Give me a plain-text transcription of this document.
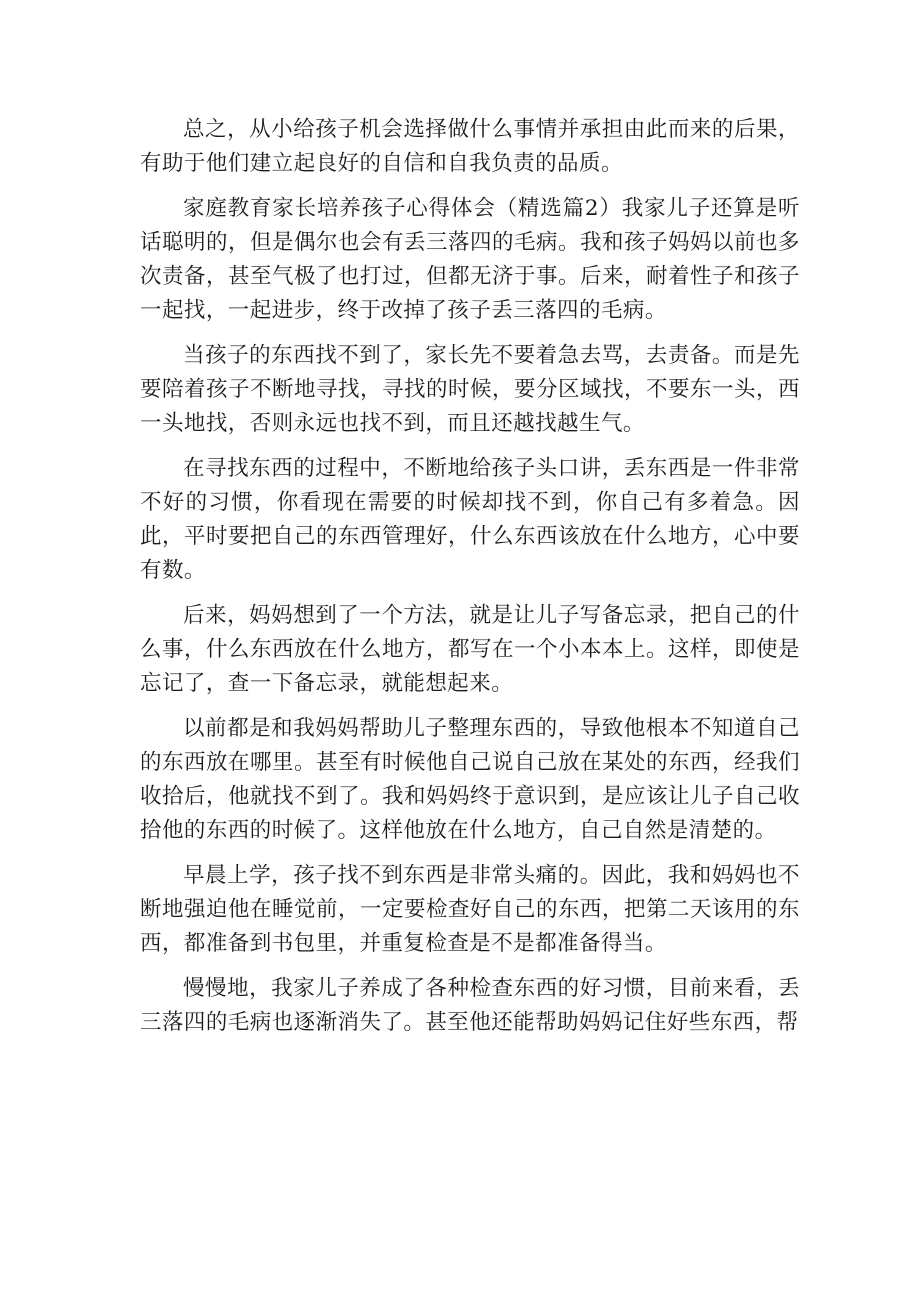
总之，从小给孩子机会选择做什么事情并承担由此而来的后果，有助于他们建立起良好的自信和自我负责的品质。

家庭教育家长培养孩子心得体会（精选篇2）我家儿子还算是听话聪明的，但是偶尔也会有丢三落四的毛病。我和孩子妈妈以前也多次责备，甚至气极了也打过，但都无济于事。后来，耐着性子和孩子一起找，一起进步，终于改掉了孩子丢三落四的毛病。

当孩子的东西找不到了，家长先不要着急去骂，去责备。而是先要陪着孩子不断地寻找，寻找的时候，要分区域找，不要东一头，西一头地找，否则永远也找不到，而且还越找越生气。

在寻找东西的过程中，不断地给孩子头口讲，丢东西是一件非常不好的习惯，你看现在需要的时候却找不到，你自己有多着急。因此，平时要把自己的东西管理好，什么东西该放在什么地方，心中要有数。

后来，妈妈想到了一个方法，就是让儿子写备忘录，把自己的什么事，什么东西放在什么地方，都写在一个小本本上。这样，即使是忘记了，查一下备忘录，就能想起来。

以前都是和我妈妈帮助儿子整理东西的，导致他根本不知道自己的东西放在哪里。甚至有时候他自己说自己放在某处的东西，经我们收拾后，他就找不到了。我和妈妈终于意识到，是应该让儿子自己收拾他的东西的时候了。这样他放在什么地方，自己自然是清楚的。

早晨上学，孩子找不到东西是非常头痛的。因此，我和妈妈也不断地强迫他在睡觉前，一定要检查好自己的东西，把第二天该用的东西，都准备到书包里，并重复检查是不是都准备得当。

慢慢地，我家儿子养成了各种检查东西的好习惯，目前来看，丢三落四的毛病也逐渐消失了。甚至他还能帮助妈妈记住好些东西，帮
